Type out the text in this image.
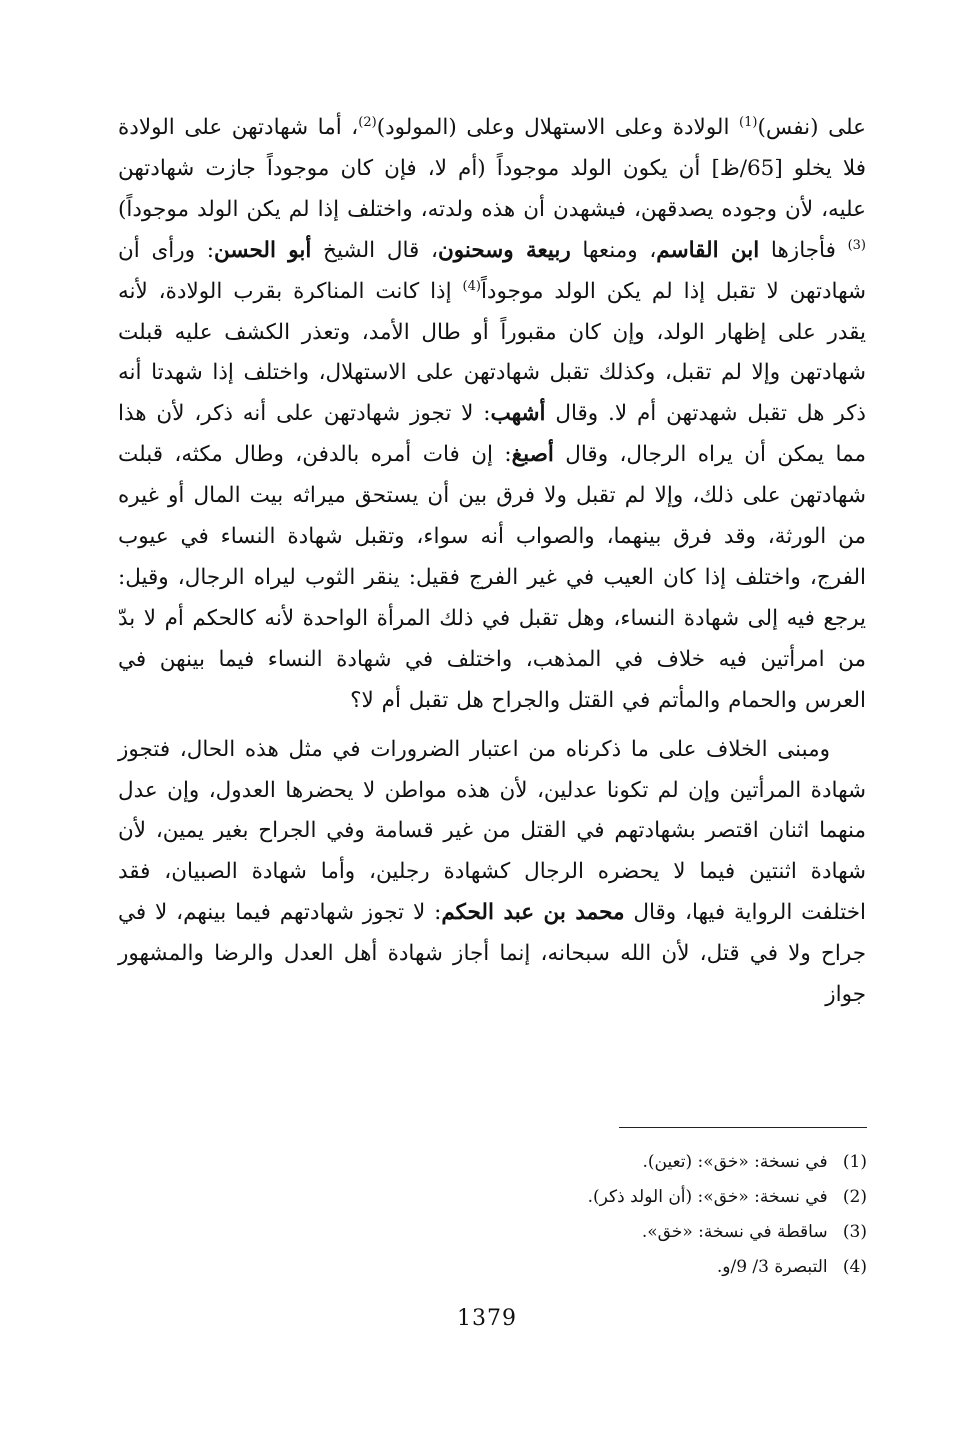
على (نفس)$^{(1)}$ الولادة وعلى الاستهلال وعلى (المولود)$^{(2)}$، أما شهادتهن على الولادة فلا يخلو [65/ظ] أن يكون الولد موجوداً (أم لا، فإن كان موجوداً جازت شهادتهن عليه، لأن وجوده يصدقهن، فيشهدن أن هذه ولدته، واختلف إذا لم يكن الولد موجوداً)$^{(3)}$ فأجازها ابن القاسم، ومنعها ربيعة وسحنون، قال الشيخ أبو الحسن: ورأى أن شهادتهن لا تقبل إذا لم يكن الولد موجوداً$^{(4)}$ إذا كانت المناكرة بقرب الولادة، لأنه يقدر على إظهار الولد، وإن كان مقبوراً أو طال الأمد، وتعذر الكشف عليه قبلت شهادتهن وإلا لم تقبل، وكذلك تقبل شهادتهن على الاستهلال، واختلف إذا شهدتا أنه ذكر هل تقبل شهدتهن أم لا. وقال أشهب: لا تجوز شهادتهن على أنه ذكر، لأن هذا مما يمكن أن يراه الرجال، وقال أصبغ: إن فات أمره بالدفن، وطال مكثه، قبلت شهادتهن على ذلك، وإلا لم تقبل ولا فرق بين أن يستحق ميراثه بيت المال أو غيره من الورثة، وقد فرق بينهما، والصواب أنه سواء، وتقبل شهادة النساء في عيوب الفرج، واختلف إذا كان العيب في غير الفرج فقيل: ينقر الثوب ليراه الرجال، وقيل: يرجع فيه إلى شهادة النساء، وهل تقبل في ذلك المرأة الواحدة لأنه كالحكم أم لا بدّ من امرأتين فيه خلاف في المذهب، واختلف في شهادة النساء فيما بينهن في العرس والحمام والمأتم في القتل والجراح هل تقبل أم لا؟

ومبنى الخلاف على ما ذكرناه من اعتبار الضرورات في مثل هذه الحال، فتجوز شهادة المرأتين وإن لم تكونا عدلين، لأن هذه مواطن لا يحضرها العدول، وإن عدل منهما اثنان اقتصر بشهادتهم في القتل من غير قسامة وفي الجراح بغير يمين، لأن شهادة اثنتين فيما لا يحضره الرجال كشهادة رجلين، وأما شهادة الصبيان، فقد اختلفت الرواية فيها، وقال محمد بن عبد الحكم: لا تجوز شهادتهم فيما بينهم، لا في جراح ولا في قتل، لأن الله سبحانه، إنما أجاز شهادة أهل العدل والرضا والمشهور جواز

(1) في نسخة: «خق»: (تعين).
(2) في نسخة: «خق»: (أن الولد ذكر).
(3) ساقطة في نسخة: «خق».
(4) التبصرة 3/ 9/و.
1379
